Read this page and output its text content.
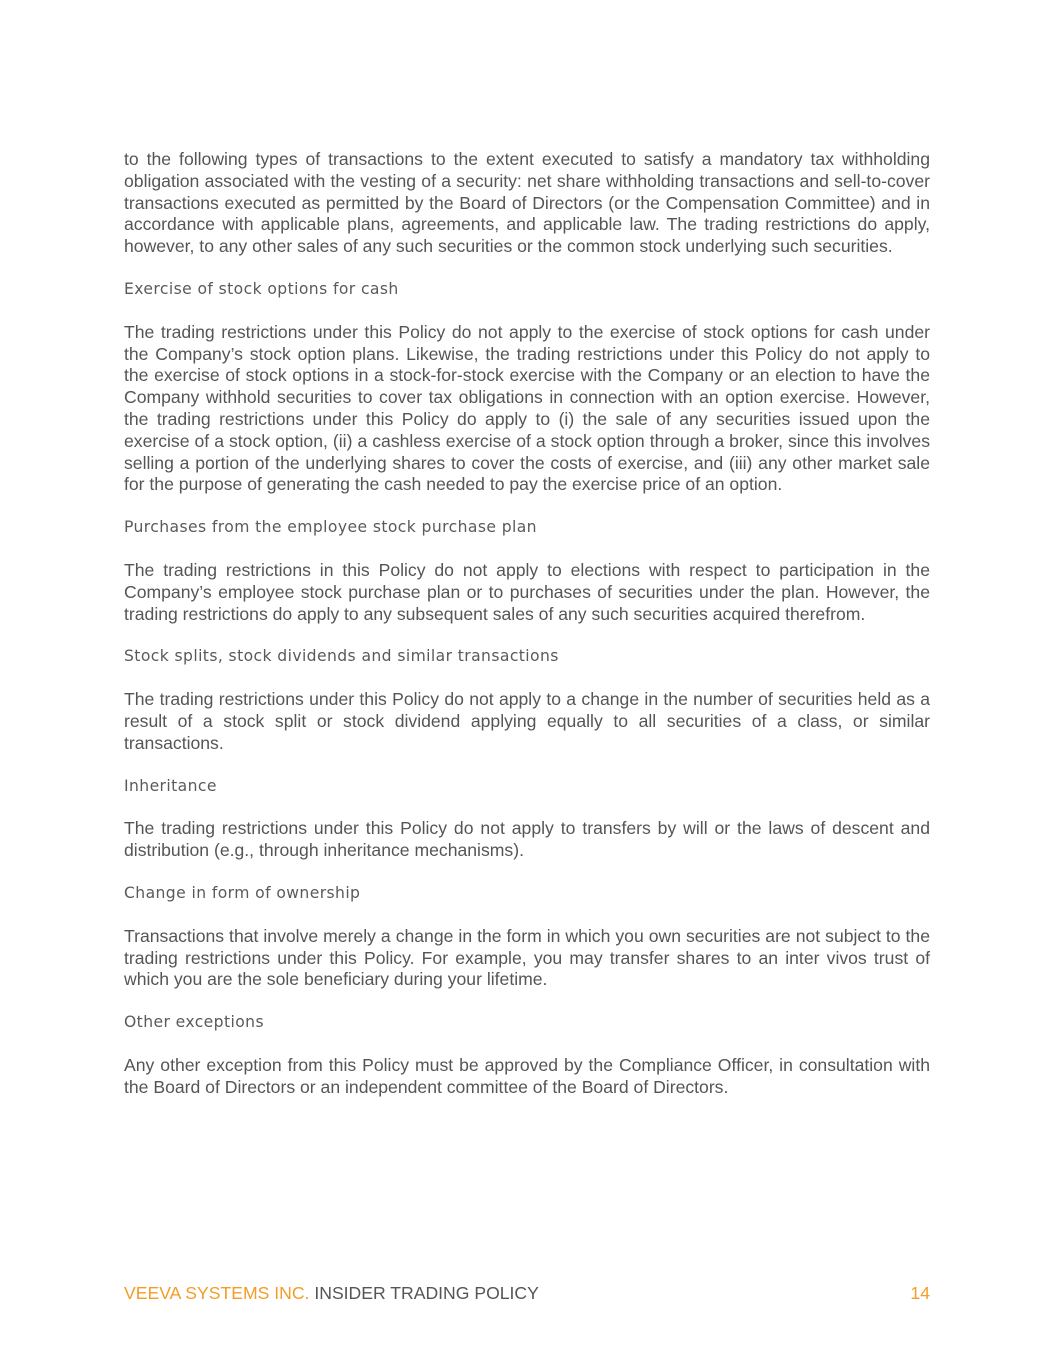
to the following types of transactions to the extent executed to satisfy a mandatory tax withholding obligation associated with the vesting of a security: net share withholding transactions and sell-to-cover transactions executed as permitted by the Board of Directors (or the Compensation Committee) and in accordance with applicable plans, agreements, and applicable law. The trading restrictions do apply, however, to any other sales of any such securities or the common stock underlying such securities.

Exercise of stock options for cash

The trading restrictions under this Policy do not apply to the exercise of stock options for cash under the Company’s stock option plans. Likewise, the trading restrictions under this Policy do not apply to the exercise of stock options in a stock-for-stock exercise with the Company or an election to have the Company withhold securities to cover tax obligations in connection with an option exercise. However, the trading restrictions under this Policy do apply to (i) the sale of any securities issued upon the exercise of a stock option, (ii) a cashless exercise of a stock option through a broker, since this involves selling a portion of the underlying shares to cover the costs of exercise, and (iii) any other market sale for the purpose of generating the cash needed to pay the exercise price of an option.

Purchases from the employee stock purchase plan

The trading restrictions in this Policy do not apply to elections with respect to participation in the Company’s employee stock purchase plan or to purchases of securities under the plan. However, the trading restrictions do apply to any subsequent sales of any such securities acquired therefrom.

Stock splits, stock dividends and similar transactions

The trading restrictions under this Policy do not apply to a change in the number of securities held as a result of a stock split or stock dividend applying equally to all securities of a class, or similar transactions.

Inheritance

The trading restrictions under this Policy do not apply to transfers by will or the laws of descent and distribution (e.g., through inheritance mechanisms).

Change in form of ownership

Transactions that involve merely a change in the form in which you own securities are not subject to the trading restrictions under this Policy. For example, you may transfer shares to an inter vivos trust of which you are the sole beneficiary during your lifetime.

Other exceptions

Any other exception from this Policy must be approved by the Compliance Officer, in consultation with the Board of Directors or an independent committee of the Board of Directors.

VEEVA SYSTEMS INC. INSIDER TRADING POLICY	14
